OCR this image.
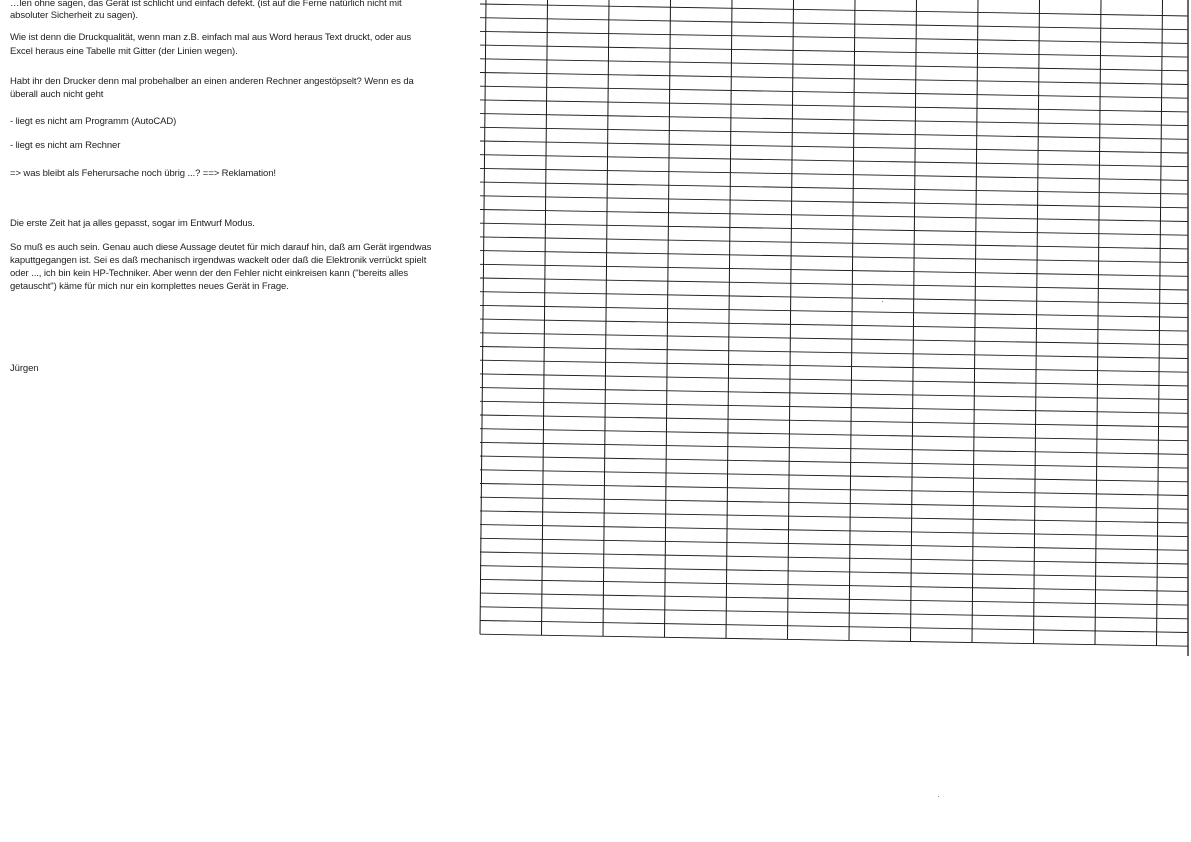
…len ohne sagen, das Gerät ist schlicht und einfach defekt. (ist auf die Ferne natürlich nicht mit
absoluter Sicherheit zu sagen).
Wie ist denn die Druckqualität, wenn man z.B. einfach mal aus Word heraus Text druckt, oder aus
Excel heraus eine Tabelle mit Gitter (der Linien wegen).
Habt ihr den Drucker denn mal probehalber an einen anderen Rechner angestöpselt? Wenn es da
überall auch nicht geht
- liegt es nicht am Programm (AutoCAD)
- liegt es nicht am Rechner
=> was bleibt als Feherursache noch übrig ...? ==> Reklamation!
Die erste Zeit hat ja alles gepasst, sogar im Entwurf Modus.
So muß es auch sein. Genau auch diese Aussage deutet für mich darauf hin, daß am Gerät irgendwas
kaputtgegangen ist. Sei es daß mechanisch irgendwas wackelt oder daß die Elektronik verrückt spielt
oder ..., ich bin kein HP-Techniker. Aber wenn der den Fehler nicht einkreisen kann ("bereits alles
getauscht") käme für mich nur ein komplettes neues Gerät in Frage.
Jürgen
